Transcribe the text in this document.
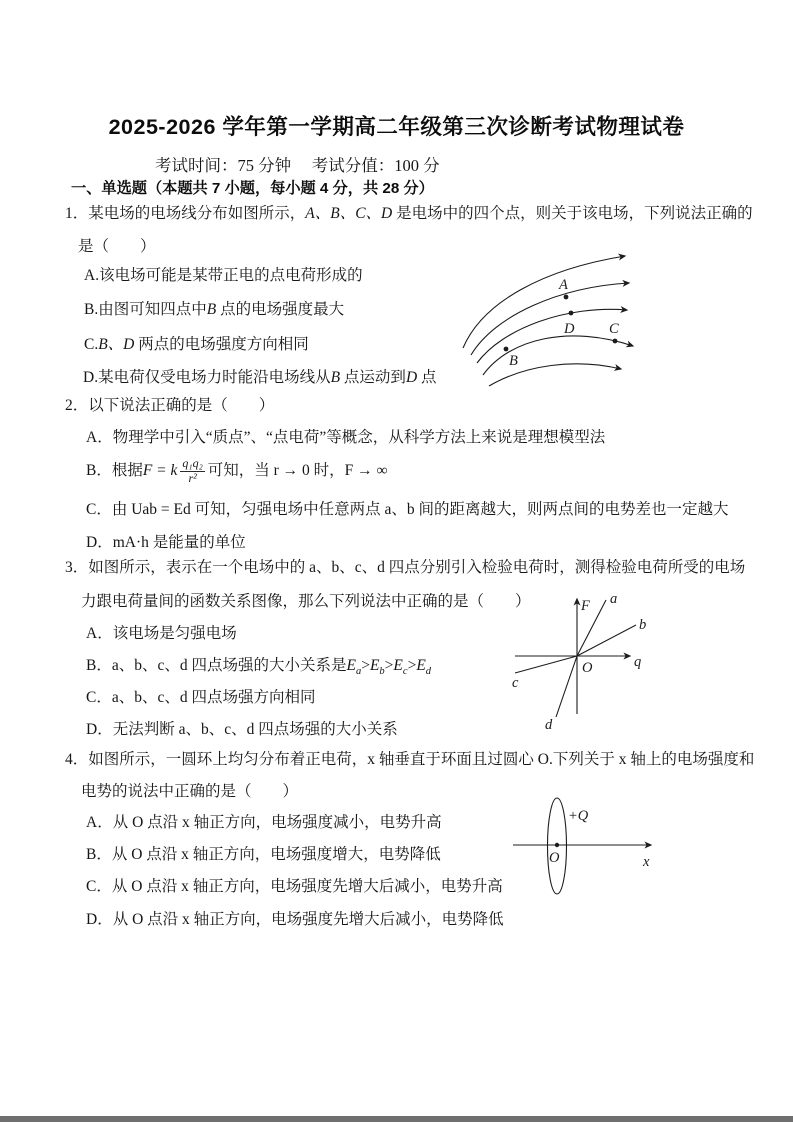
2025-2026 学年第一学期高二年级第三次诊断考试物理试卷
考试时间：75 分钟　 考试分值：100 分
一、单选题（本题共 7 小题，每小题 4 分，共 28 分）
1．某电场的电场线分布如图所示，A、B、C、D 是电场中的四个点，则关于该电场，下列说法正确的
是（　　）
A.该电场可能是某带正电的点电荷形成的
B.由图可知四点中B 点的电场强度最大
C.B、D 两点的电场强度方向相同
D.某电荷仅受电场力时能沿电场线从B 点运动到D 点
A
D
B
C
2．以下说法正确的是（　　）
A．物理学中引入“质点”、“点电荷”等概念，从科学方法上来说是理想模型法
B．根据 F = k $\frac{\text{q₁q₂}}{\text{r²}}$ 可知，当 r → 0 时，F → ∞
C．由 Uab = Ed 可知，匀强电场中任意两点 a、b 间的距离越大，则两点间的电势差也一定越大
D．mA·h 是能量的单位
3．如图所示，表示在一个电场中的 a、b、c、d 四点分别引入检验电荷时，测得检验电荷所受的电场
力跟电荷量间的函数关系图像，那么下列说法中正确的是（　　）
A．该电场是匀强电场
B．a、b、c、d 四点场强的大小关系是$E_a>E_b>E_c>E_d$
C．a、b、c、d 四点场强方向相同
D．无法判断 a、b、c、d 四点场强的大小关系
F
q
O
a
b
c
d
4．如图所示，一圆环上均匀分布着正电荷，x 轴垂直于环面且过圆心 O.下列关于 x 轴上的电场强度和
电势的说法中正确的是（　　）
A．从 O 点沿 x 轴正方向，电场强度减小，电势升高
B．从 O 点沿 x 轴正方向，电场强度增大，电势降低
C．从 O 点沿 x 轴正方向，电场强度先增大后减小，电势升高
D．从 O 点沿 x 轴正方向，电场强度先增大后减小，电势降低
O
+Q
x
